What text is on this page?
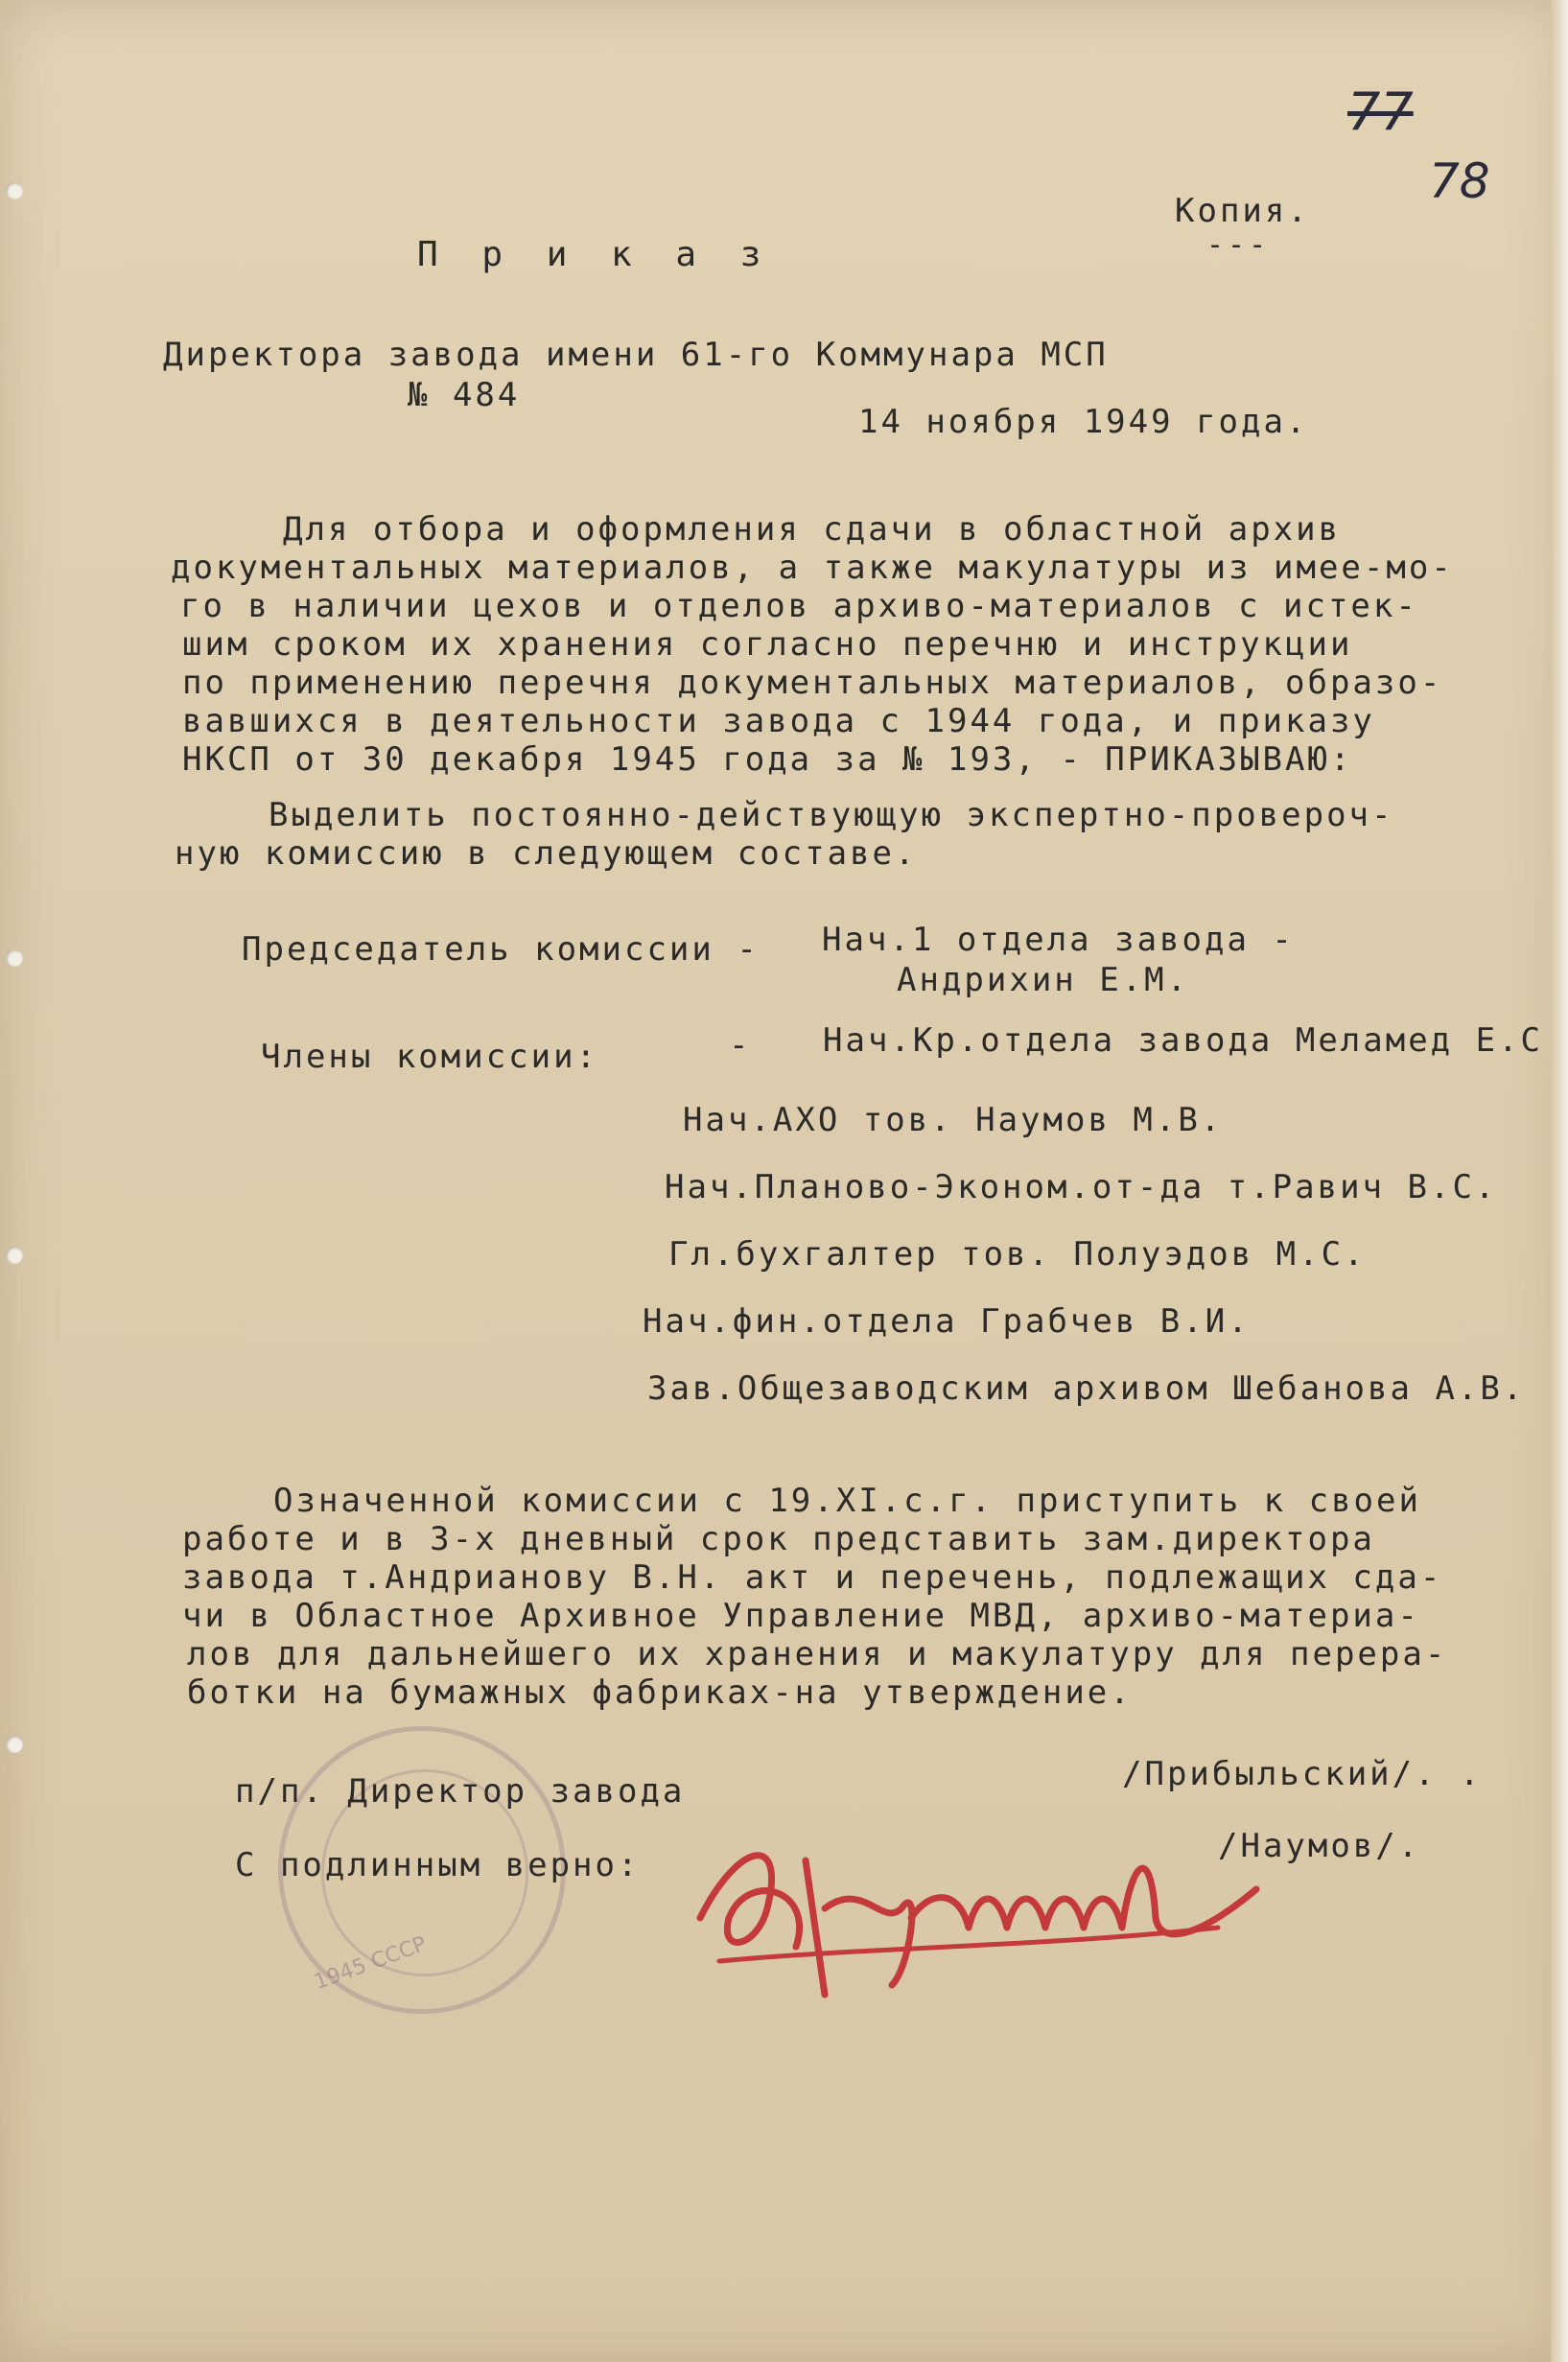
77
78
Копия.
---
П р и к а з
Директора завода имени 61-го Коммунара МСП
№ 484
14 ноября 1949 года.
Для отбора и оформления сдачи в областной архив
документальных материалов, а также макулатуры из имее-мо-
го в наличии цехов и отделов архиво-материалов с истек-
шим сроком их хранения согласно перечню и инструкции
по применению перечня документальных материалов, образо-
вавшихся в деятельности завода с 1944 года, и приказу
НКСП от 30 декабря 1945 года за № 193, - ПРИКАЗЫВАЮ:
Выделить постоянно-действующую экспертно-проверoч-
ную комиссию в следующем составе.
Председатель комиссии - Нач.1 отдела завода -
Андрихин Е.М.
Члены комиссии:	- Нач.Кр.отдела завода Меламед Е.С
Нач.АХО тов. Наумов М.В.
Нач.Планово-Эконом.от-да т.Равич В.С.
Гл.бухгалтер тов. Полуэдов М.С.
Нач.фин.отдела Грабчев В.И.
Зав.Общезаводским архивом Шебанова А.В.
Означенной комиссии с 19.XI.с.г. приступить к своей
работе и в 3-х дневный срок представить зам.директора
завода т.Андрианову В.Н. акт и перечень, подлежащих сда-
чи в Областное Архивное Управление МВД, архиво-материа-
лов для дальнейшего их хранения и макулатуру для перера-
ботки на бумажных фабриках-на утверждение.
1945 СССР
п/п. Директор завода	/Прибыльский/. .
С подлинным верно:	/Наумов/.
